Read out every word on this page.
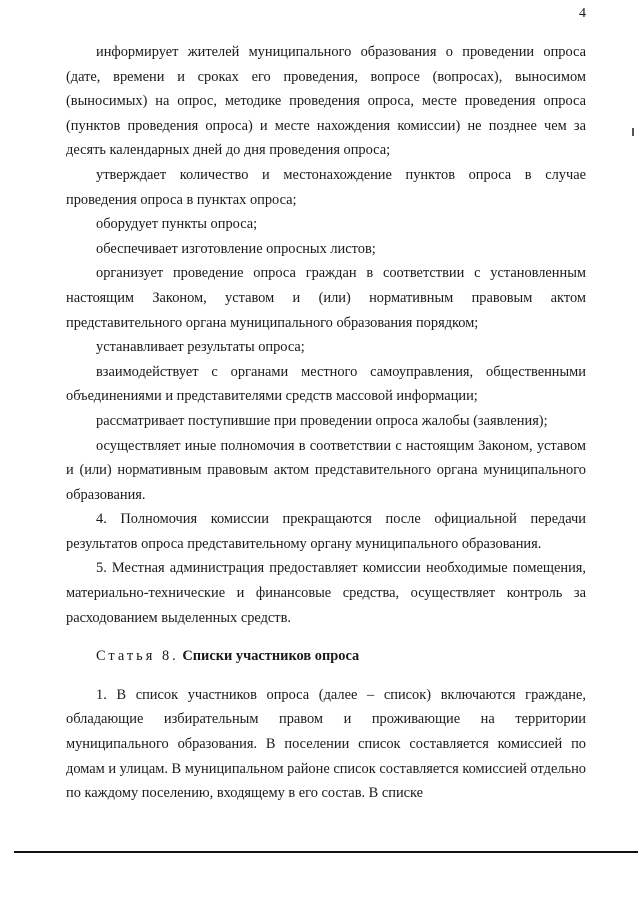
4

информирует жителей муниципального образования о проведении опроса (дате, времени и сроках его проведения, вопросе (вопросах), выносимом (выносимых) на опрос, методике проведения опроса, месте проведения опроса (пунктов проведения опроса) и месте нахождения комиссии) не позднее чем за десять календарных дней до дня проведения опроса;

утверждает количество и местонахождение пунктов опроса в случае проведения опроса в пунктах опроса;

оборудует пункты опроса;

обеспечивает изготовление опросных листов;

организует проведение опроса граждан в соответствии с установленным настоящим Законом, уставом и (или) нормативным правовым актом представительного органа муниципального образования порядком;

устанавливает результаты опроса;

взаимодействует с органами местного самоуправления, общественными объединениями и представителями средств массовой информации;

рассматривает поступившие при проведении опроса жалобы (заявления);

осуществляет иные полномочия в соответствии с настоящим Законом, уставом и (или) нормативным правовым актом представительного органа муниципального образования.

4. Полномочия комиссии прекращаются после официальной передачи результатов опроса представительному органу муниципального образования.

5. Местная администрация предоставляет комиссии необходимые помещения, материально-технические и финансовые средства, осуществляет контроль за расходованием выделенных средств.

Статья 8. Списки участников опроса

1. В список участников опроса (далее – список) включаются граждане, обладающие избирательным правом и проживающие на территории муниципального образования. В поселении список составляется комиссией по домам и улицам. В муниципальном районе список составляется комиссией отдельно по каждому поселению, входящему в его состав. В списке
